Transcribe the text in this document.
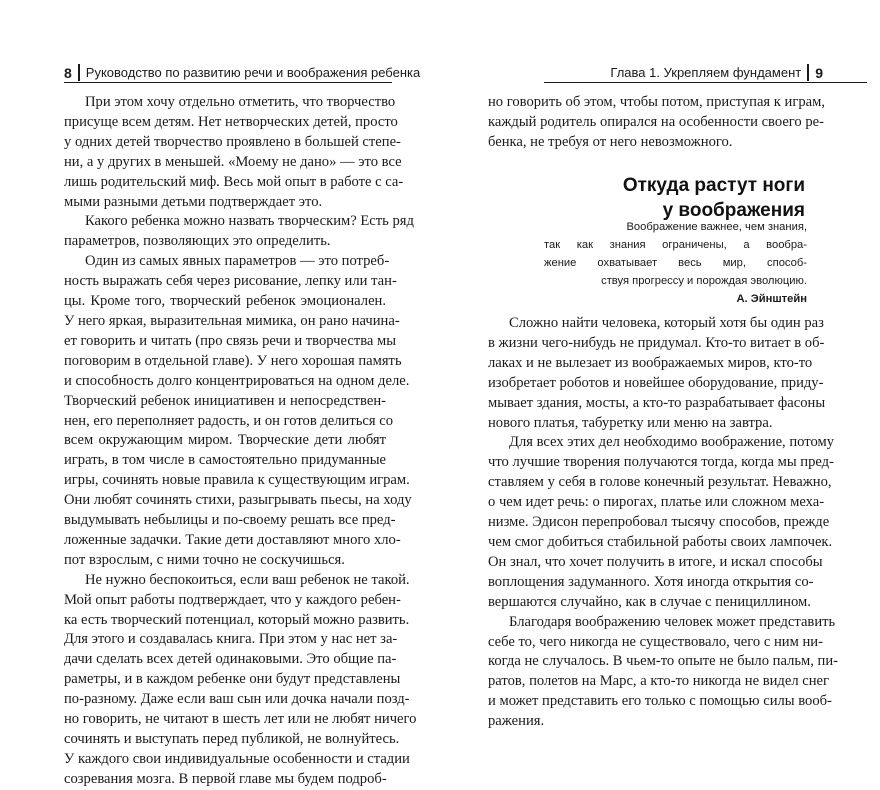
8 Руководство по развитию речи и воображения ребенка
При этом хочу отдельно отметить, что творчество
присуще всем детям. Нет нетворческих детей, просто
у одних детей творчество проявлено в большей степе-
ни, а у других в меньшей. «Моему не дано» — это все
лишь родительский миф. Весь мой опыт в работе с са-
мыми разными детьми подтверждает это.
Какого ребенка можно назвать творческим? Есть ряд
параметров, позволяющих это определить.
Один из самых явных параметров — это потреб-
ность выражать себя через рисование, лепку или тан-
цы. Кроме того, творческий ребенок эмоционален.
У него яркая, выразительная мимика, он рано начина-
ет говорить и читать (про связь речи и творчества мы
поговорим в отдельной главе). У него хорошая память
и способность долго концентрироваться на одном деле.
Творческий ребенок инициативен и непосредствен-
нен, его переполняет радость, и он готов делиться со
всем окружающим миром. Творческие дети любят
играть, в том числе в самостоятельно придуманные
игры, сочинять новые правила к существующим играм.
Они любят сочинять стихи, разыгрывать пьесы, на ходу
выдумывать небылицы и по-своему решать все пред-
ложенные задачки. Такие дети доставляют много хло-
пот взрослым, с ними точно не соскучишься.
Не нужно беспокоиться, если ваш ребенок не такой.
Мой опыт работы подтверждает, что у каждого ребен-
ка есть творческий потенциал, который можно развить.
Для этого и создавалась книга. При этом у нас нет за-
дачи сделать всех детей одинаковыми. Это общие па-
раметры, и в каждом ребенке они будут представлены
по-разному. Даже если ваш сын или дочка начали позд-
но говорить, не читают в шесть лет или не любят ничего
сочинять и выступать перед публикой, не волнуйтесь.
У каждого свои индивидуальные особенности и стадии
созревания мозга. В первой главе мы будем подроб-
Глава 1. Укрепляем фундамент 9
но говорить об этом, чтобы потом, приступая к играм,
каждый родитель опирался на особенности своего ре-
бенка, не требуя от него невозможного.
Откуда растут ноги
у воображения
Воображение важнее, чем знания,
так как знания ограничены, а вообра-
жение охватывает весь мир, способ-
ствуя прогрессу и порождая эволюцию.
А. Эйнштейн
Сложно найти человека, который хотя бы один раз
в жизни чего-нибудь не придумал. Кто-то витает в об-
лаках и не вылезает из воображаемых миров, кто-то
изобретает роботов и новейшее оборудование, приду-
мывает здания, мосты, а кто-то разрабатывает фасоны
нового платья, табуретку или меню на завтра.
Для всех этих дел необходимо воображение, потому
что лучшие творения получаются тогда, когда мы пред-
ставляем у себя в голове конечный результат. Неважно,
о чем идет речь: о пирогах, платье или сложном меха-
низме. Эдисон перепробовал тысячу способов, прежде
чем смог добиться стабильной работы своих лампочек.
Он знал, что хочет получить в итоге, и искал способы
воплощения задуманного. Хотя иногда открытия со-
вершаются случайно, как в случае с пенициллином.
Благодаря воображению человек может представить
себе то, чего никогда не существовало, чего с ним ни-
когда не случалось. В чьем-то опыте не было пальм, пи-
ратов, полетов на Марс, а кто-то никогда не видел снег
и может представить его только с помощью силы вооб-
ражения.
